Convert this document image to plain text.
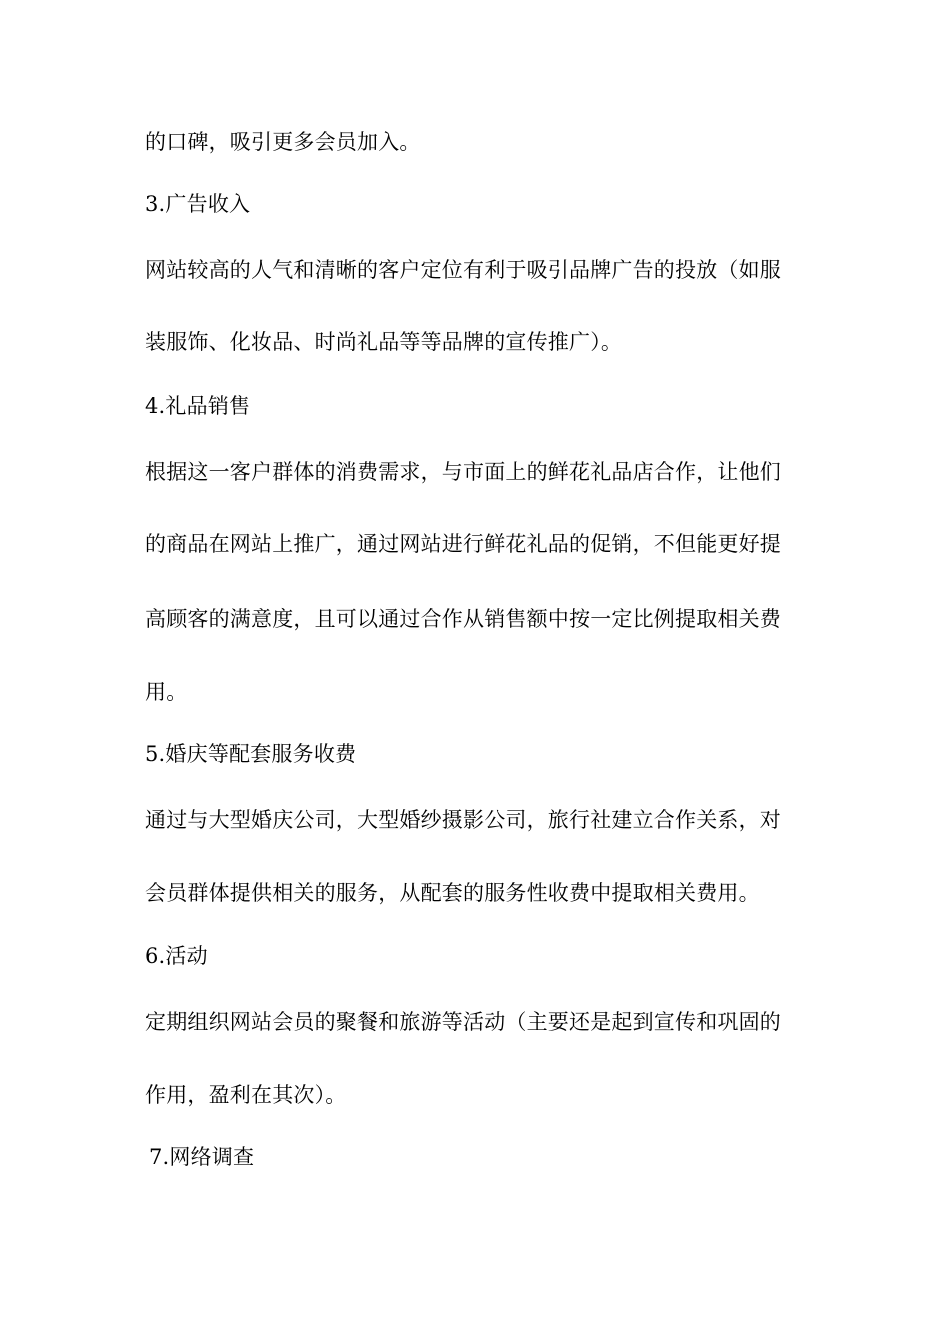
的口碑，吸引更多会员加入。
3.广告收入
网站较高的人气和清晰的客户定位有利于吸引品牌广告的投放（如服
装服饰、化妆品、时尚礼品等等品牌的宣传推广）。
4.礼品销售
根据这一客户群体的消费需求，与市面上的鲜花礼品店合作，让他们
的商品在网站上推广，通过网站进行鲜花礼品的促销，不但能更好提
高顾客的满意度，且可以通过合作从销售额中按一定比例提取相关费
用。
5.婚庆等配套服务收费
通过与大型婚庆公司，大型婚纱摄影公司，旅行社建立合作关系，对
会员群体提供相关的服务，从配套的服务性收费中提取相关费用。
6.活动
定期组织网站会员的聚餐和旅游等活动（主要还是起到宣传和巩固的
作用，盈利在其次）。
7.网络调查
